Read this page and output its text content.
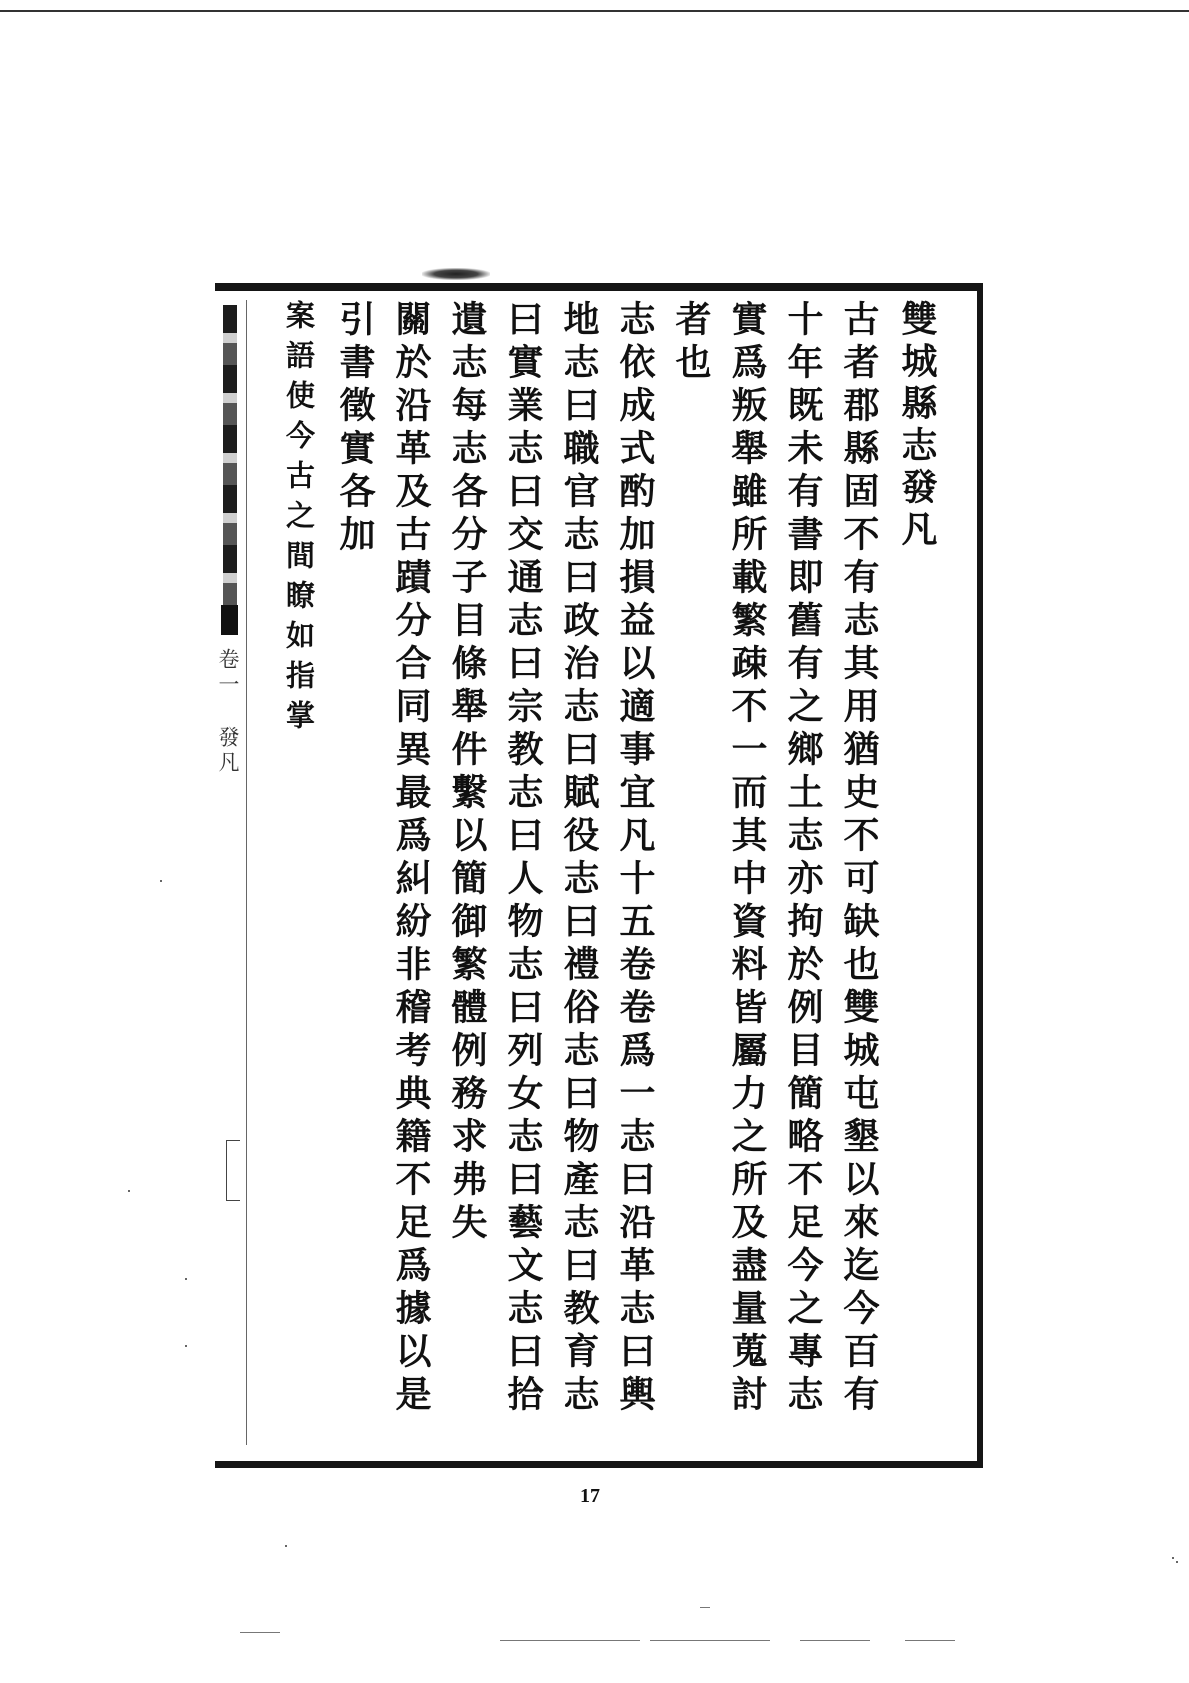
卷一 發凡
雙城縣志發凡
古者郡縣固不有志其用猶史不可缺也雙城屯墾以來迄今百有十年既未有書即舊有之鄉土志亦拘於例目簡略不足今之專志實爲叛舉雖所載繁疎不一而其中資料皆屬力之所及盡量蒐討者也
志依成式酌加損益以適事宜凡十五卷卷爲一志曰沿革志曰輿地志曰職官志曰政治志曰賦役志曰禮俗志曰物產志曰教育志曰實業志曰交通志曰宗教志曰人物志曰列女志曰藝文志曰拾遺志每志各分子目條舉件繫以簡御繁體例務求弗失
關於沿革及古蹟分合同異最爲糾紛非稽考典籍不足爲據以是引書徵實各加
案語使今古之間瞭如指掌
17
